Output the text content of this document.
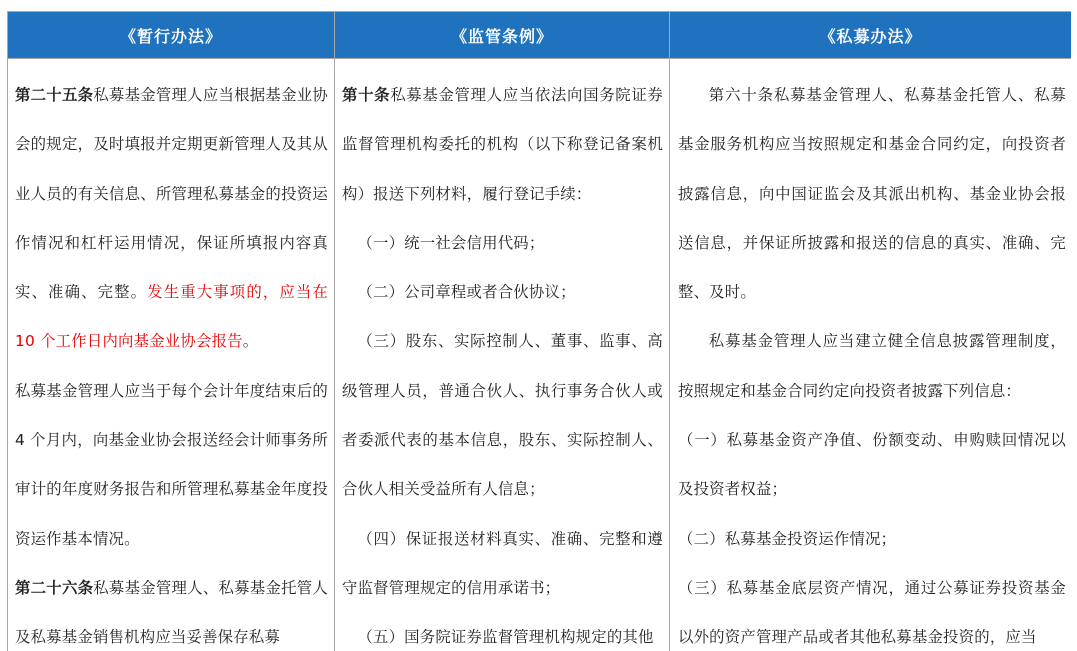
《暂行办法》

第二十五条私募基金管理人应当根据基金业协会的规定，及时填报并定期更新管理人及其从业人员的有关信息、所管理私募基金的投资运作情况和杠杆运用情况，保证所填报内容真实、准确、完整。发生重大事项的，应当在 10 个工作日内向基金业协会报告。

私募基金管理人应当于每个会计年度结束后的 4 个月内，向基金业协会报送经会计师事务所审计的年度财务报告和所管理私募基金年度投资运作基本情况。

第二十六条私募基金管理人、私募基金托管人及私募基金销售机构应当妥善保存私募

《监管条例》

第十条私募基金管理人应当依法向国务院证券监督管理机构委托的机构（以下称登记备案机构）报送下列材料，履行登记手续：

（一）统一社会信用代码；

（二）公司章程或者合伙协议；

（三）股东、实际控制人、董事、监事、高级管理人员，普通合伙人、执行事务合伙人或者委派代表的基本信息，股东、实际控制人、合伙人相关受益所有人信息；

（四）保证报送材料真实、准确、完整和遵守监督管理规定的信用承诺书；

（五）国务院证券监督管理机构规定的其他

《私募办法》

第六十条私募基金管理人、私募基金托管人、私募基金服务机构应当按照规定和基金合同约定，向投资者披露信息，向中国证监会及其派出机构、基金业协会报送信息，并保证所披露和报送的信息的真实、准确、完整、及时。

私募基金管理人应当建立健全信息披露管理制度，按照规定和基金合同约定向投资者披露下列信息：

（一）私募基金资产净值、份额变动、申购赎回情况以及投资者权益；

（二）私募基金投资运作情况；

（三）私募基金底层资产情况，通过公募证券投资基金以外的资产管理产品或者其他私募基金投资的，应当
